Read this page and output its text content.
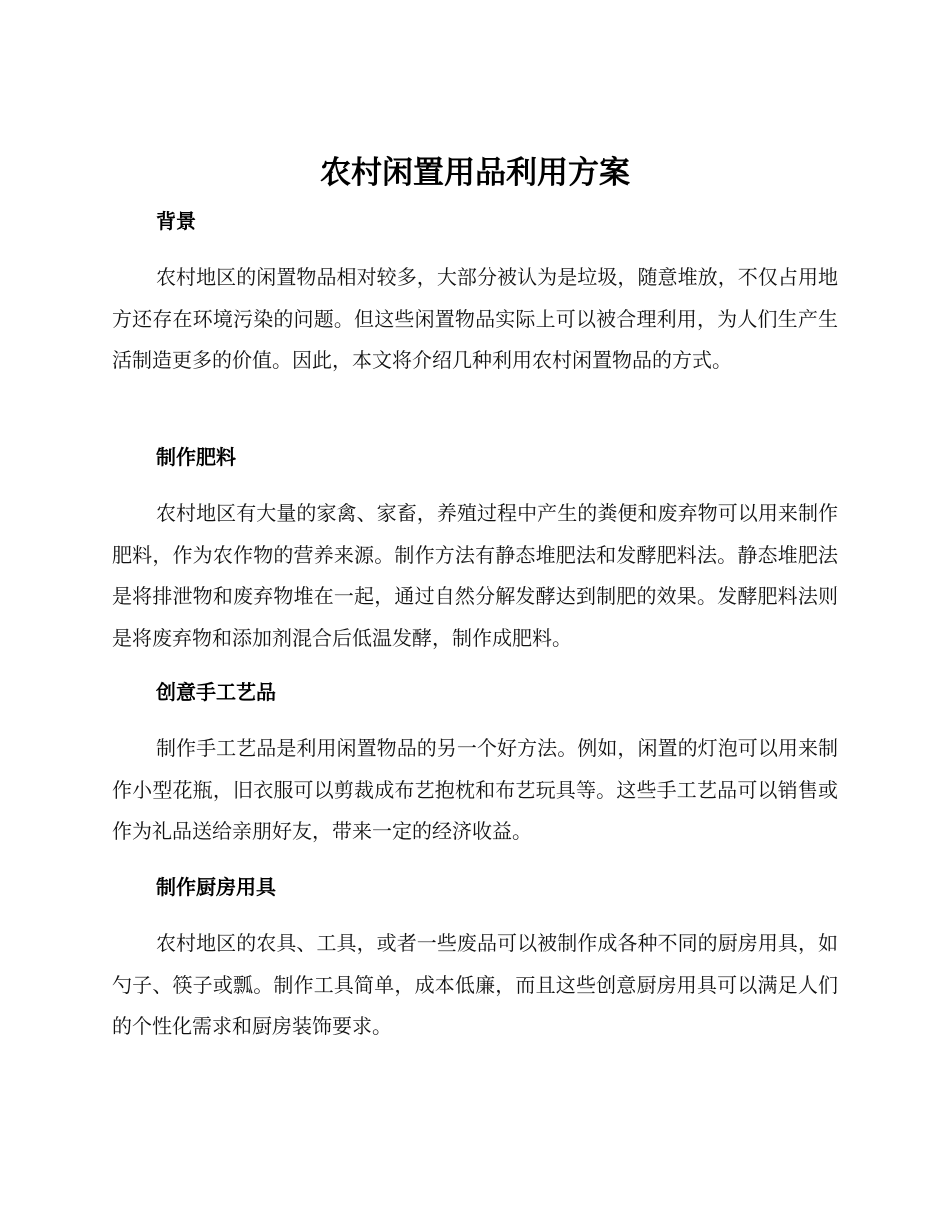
农村闲置用品利用方案
背景

农村地区的闲置物品相对较多，大部分被认为是垃圾，随意堆放，不仅占用地方还存在环境污染的问题。但这些闲置物品实际上可以被合理利用，为人们生产生活制造更多的价值。因此，本文将介绍几种利用农村闲置物品的方式。

制作肥料

农村地区有大量的家禽、家畜，养殖过程中产生的粪便和废弃物可以用来制作肥料，作为农作物的营养来源。制作方法有静态堆肥法和发酵肥料法。静态堆肥法是将排泄物和废弃物堆在一起，通过自然分解发酵达到制肥的效果。发酵肥料法则是将废弃物和添加剂混合后低温发酵，制作成肥料。

创意手工艺品

制作手工艺品是利用闲置物品的另一个好方法。例如，闲置的灯泡可以用来制作小型花瓶，旧衣服可以剪裁成布艺抱枕和布艺玩具等。这些手工艺品可以销售或作为礼品送给亲朋好友，带来一定的经济收益。

制作厨房用具

农村地区的农具、工具，或者一些废品可以被制作成各种不同的厨房用具，如勺子、筷子或瓢。制作工具简单，成本低廉，而且这些创意厨房用具可以满足人们的个性化需求和厨房装饰要求。
